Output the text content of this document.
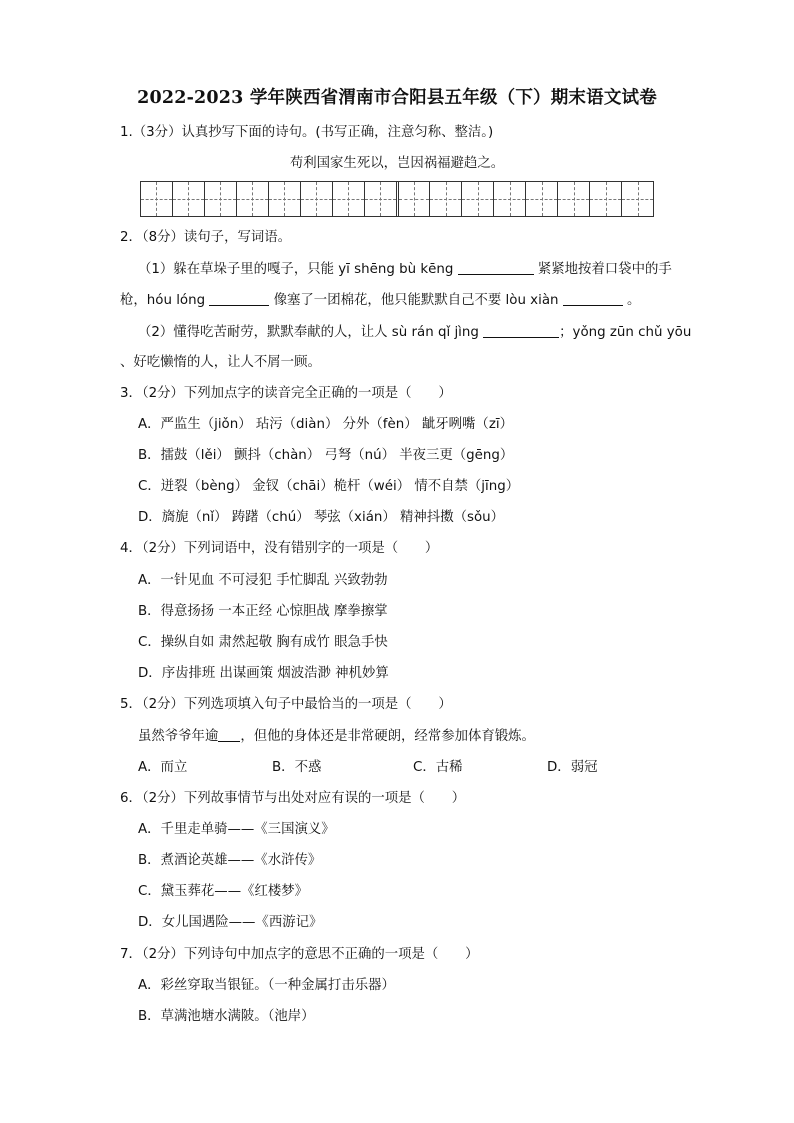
2022-2023 学年陕西省渭南市合阳县五年级（下）期末语文试卷
1.（3分）认真抄写下面的诗句。(书写正确，注意匀称、整洁。)
苟利国家生死以，岂因祸福避趋之。
2．（8分）读句子，写词语。
（1）躲在草垛子里的嘎子，只能 yī shēng bù kēng	紧紧地按着口袋中的手
枪，hóu lóng	像塞了一团棉花，他只能默默自己不要 lòu xiàn	。
（2）懂得吃苦耐劳，默默奉献的人，让人 sù rán qǐ jìng	；yǒng zūn chǔ yōu
、好吃懒惰的人，让人不屑一顾。
3．（2分）下列加点字的读音完全正确的一项是（　　）
A．严监生（jiǒn） 玷污（diàn） 分外（fèn） 龇牙咧嘴（zī）
B．擂鼓（lěi） 颤抖（chàn） 弓弩（nú） 半夜三更（gēng）
C．迸裂（bèng） 金钗（chāi）桅杆（wéi） 情不自禁（jīng）
D．旖旎（nǐ） 踌躇（chú） 琴弦（xián） 精神抖擞（sǒu）
4．（2分）下列词语中，没有错别字的一项是（　　）
A．一针见血 不可浸犯 手忙脚乱 兴致勃勃
B．得意扬扬 一本正经 心惊胆战 摩拳擦掌
C．操纵自如 肃然起敬 胸有成竹 眼急手快
D．序齿排班 出谋画策 烟波浩渺 神机妙算
5．（2分）下列选项填入句子中最恰当的一项是（　　）
虽然爷爷年逾 ，但他的身体还是非常硬朗，经常参加体育锻炼。
A．而立	B．不惑	C．古稀	D．弱冠
6．（2分）下列故事情节与出处对应有误的一项是（　　）
A．千里走单骑——《三国演义》
B．煮酒论英雄——《水浒传》
C．黛玉葬花——《红楼梦》
D．女儿国遇险——《西游记》
7．（2分）下列诗句中加点字的意思不正确的一项是（　　）
A．彩丝穿取当银钲。（一种金属打击乐器）
B．草满池塘水满陂。（池岸）
